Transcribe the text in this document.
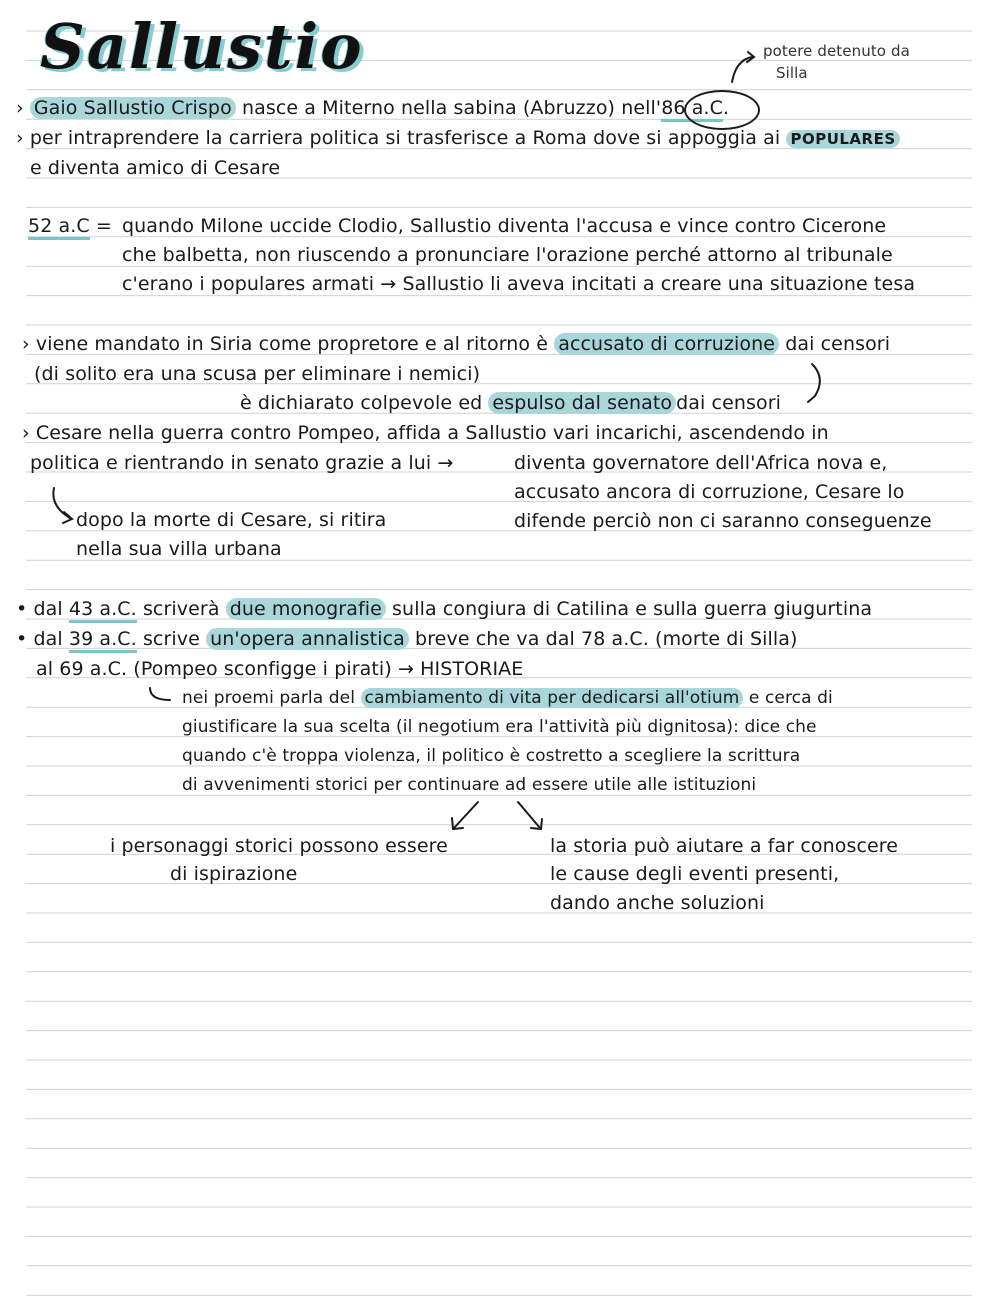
Sallustio	potere detenuto da
Silla
› Gaio Sallustio Crispo nasce a Miterno nella sabina (Abruzzo) nell'86 a.C.
› per intraprendere la carriera politica si trasferisce a Roma dove si appoggia ai POPULARES
e diventa amico di Cesare
52 a.C = quando Milone uccide Clodio, Sallustio diventa l'accusa e vince contro Cicerone
che balbetta, non riuscendo a pronunciare l'orazione perché attorno al tribunale
c'erano i populares armati → Sallustio li aveva incitati a creare una situazione tesa
› viene mandato in Siria come propretore e al ritorno è accusato di corruzione dai censori
(di solito era una scusa per eliminare i nemici)
è dichiarato colpevole ed espulso dal senato dai censori
› Cesare nella guerra contro Pompeo, affida a Sallustio vari incarichi, ascendendo in
politica e rientrando in senato grazie a lui →	diventa governatore dell'Africa nova e,
accusato ancora di corruzione, Cesare lo
difende perciò non ci saranno conseguenze
dopo la morte di Cesare, si ritira
nella sua villa urbana
• dal 43 a.C. scriverà due monografie sulla congiura di Catilina e sulla guerra giugurtina
• dal 39 a.C. scrive un'opera annalistica breve che va dal 78 a.C. (morte di Silla)
al 69 a.C. (Pompeo sconfigge i pirati) → HISTORIAE
nei proemi parla del cambiamento di vita per dedicarsi all'otium e cerca di
giustificare la sua scelta (il negotium era l'attività più dignitosa): dice che
quando c'è troppa violenza, il politico è costretto a scegliere la scrittura
di avvenimenti storici per continuare ad essere utile alle istituzioni
i personaggi storici possono essere
di ispirazione
la storia può aiutare a far conoscere
le cause degli eventi presenti,
dando anche soluzioni
